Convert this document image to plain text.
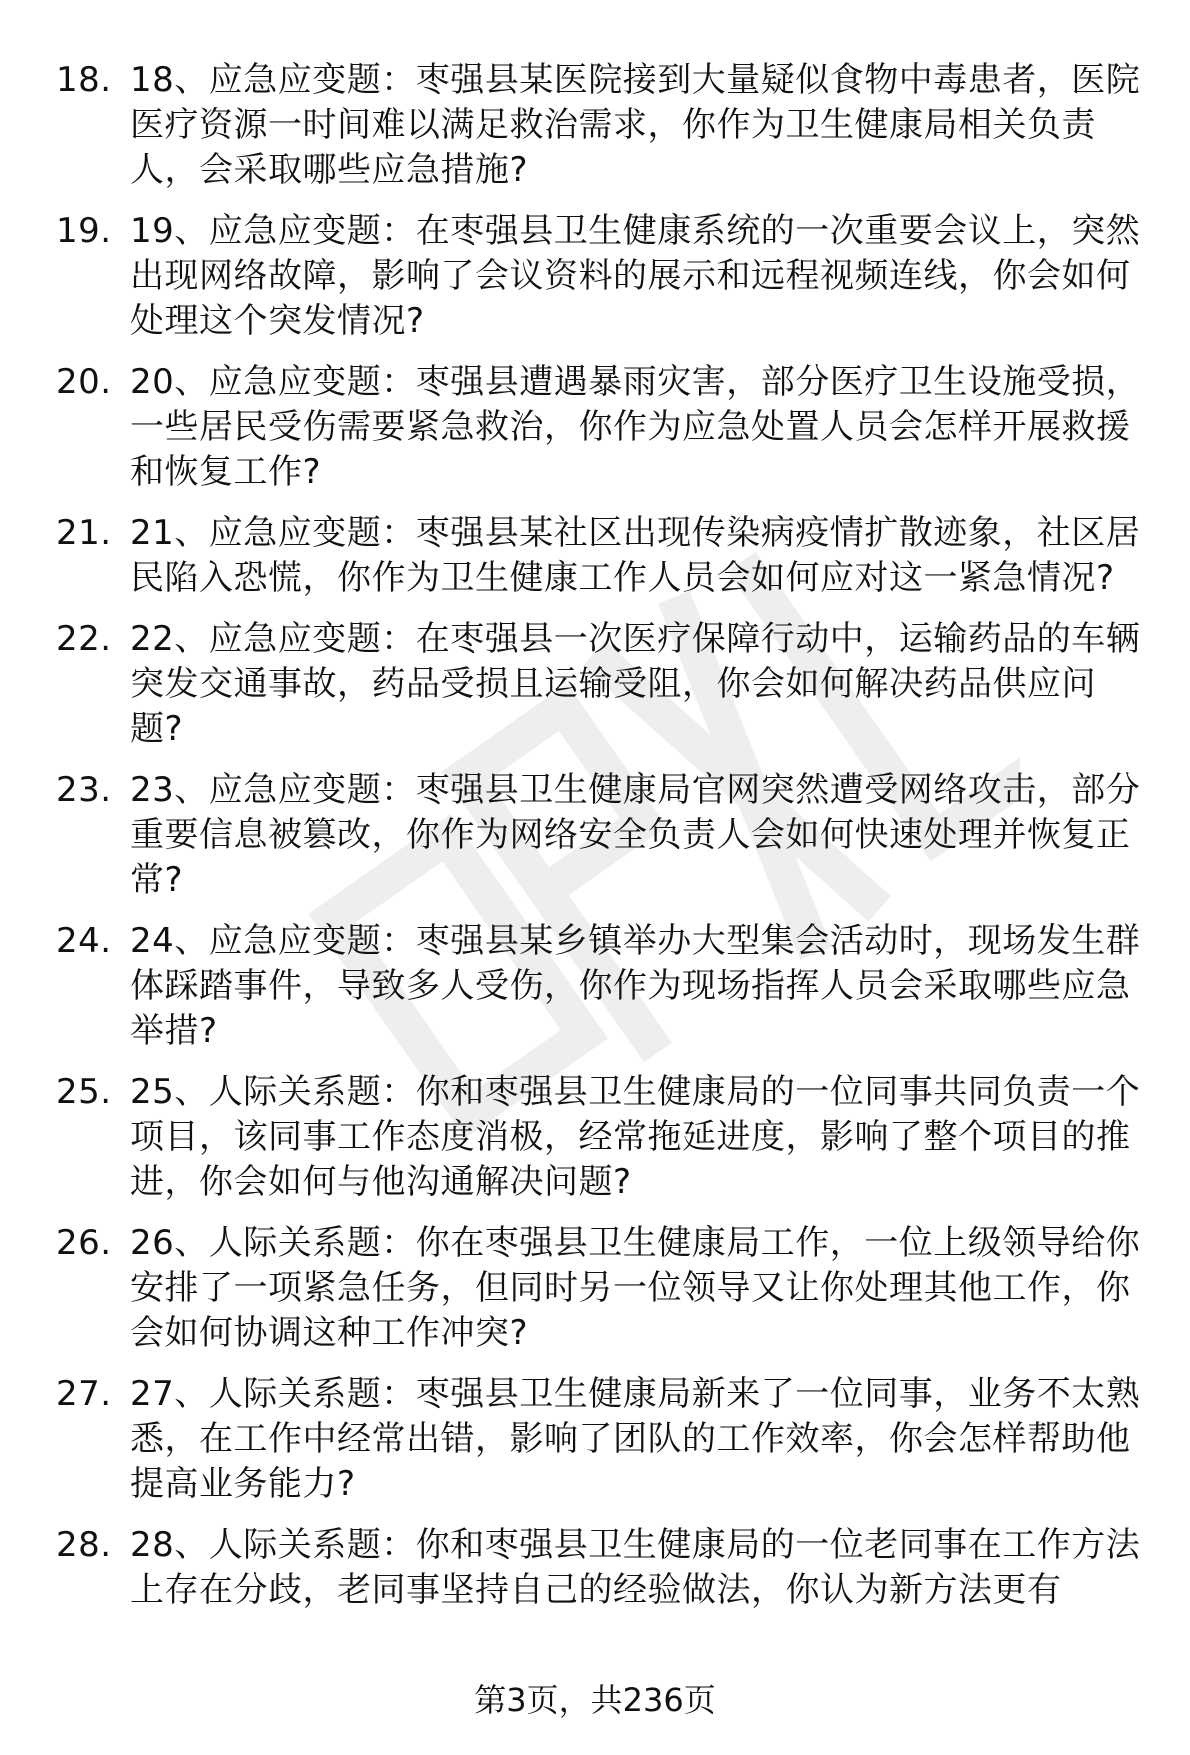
18. 18、应急应变题：枣强县某医院接到大量疑似食物中毒患者，医院医疗资源一时间难以满足救治需求，你作为卫生健康局相关负责人，会采取哪些应急措施?
19. 19、应急应变题：在枣强县卫生健康系统的一次重要会议上，突然出现网络故障，影响了会议资料的展示和远程视频连线，你会如何处理这个突发情况?
20. 20、应急应变题：枣强县遭遇暴雨灾害，部分医疗卫生设施受损，一些居民受伤需要紧急救治，你作为应急处置人员会怎样开展救援和恢复工作?
21. 21、应急应变题：枣强县某社区出现传染病疫情扩散迹象，社区居民陷入恐慌，你作为卫生健康工作人员会如何应对这一紧急情况?
22. 22、应急应变题：在枣强县一次医疗保障行动中，运输药品的车辆突发交通事故，药品受损且运输受阻，你会如何解决药品供应问题?
23. 23、应急应变题：枣强县卫生健康局官网突然遭受网络攻击，部分重要信息被篡改，你作为网络安全负责人会如何快速处理并恢复正常?
24. 24、应急应变题：枣强县某乡镇举办大型集会活动时，现场发生群体踩踏事件，导致多人受伤，你作为现场指挥人员会采取哪些应急举措?
25. 25、人际关系题：你和枣强县卫生健康局的一位同事共同负责一个项目，该同事工作态度消极，经常拖延进度，影响了整个项目的推进，你会如何与他沟通解决问题?
26. 26、人际关系题：你在枣强县卫生健康局工作，一位上级领导给你安排了一项紧急任务，但同时另一位领导又让你处理其他工作，你会如何协调这种工作冲突?
27. 27、人际关系题：枣强县卫生健康局新来了一位同事，业务不太熟悉，在工作中经常出错，影响了团队的工作效率，你会怎样帮助他提高业务能力?
28. 28、人际关系题：你和枣强县卫生健康局的一位老同事在工作方法上存在分歧，老同事坚持自己的经验做法，你认为新方法更有
第3页，共236页
